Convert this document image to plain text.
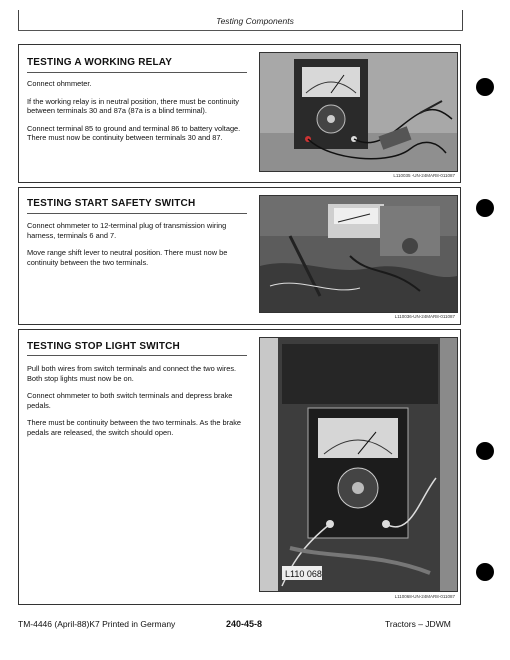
Testing Components
TESTING A WORKING RELAY

Connect ohmmeter.

If the working relay is in neutral position, there must be continuity between terminals 30 and 87a (87a is a blind terminal).

Connect terminal 85 to ground and terminal 86 to battery voltage. There must now be continuity between terminals 30 and 87.

L110035 -UN-24MAR8-011087
TESTING START SAFETY SWITCH

Connect ohmmeter to 12-terminal plug of transmission wiring harness, terminals 6 and 7.

Move range shift lever to neutral position. There must now be continuity between the two terminals.

L110036-UN-24MAR8-011087
TESTING STOP LIGHT SWITCH

Pull both wires from switch terminals and connect the two wires. Both stop lights must now be on.

Connect ohmmeter to both switch terminals and depress brake pedals.

There must be continuity between the two terminals. As the brake pedals are released, the switch should open.

L110 068
L110068-UN-24MAR8-011087
TM-4446 (April-88)K7 Printed in Germany	240-45-8	Tractors – JDWM
